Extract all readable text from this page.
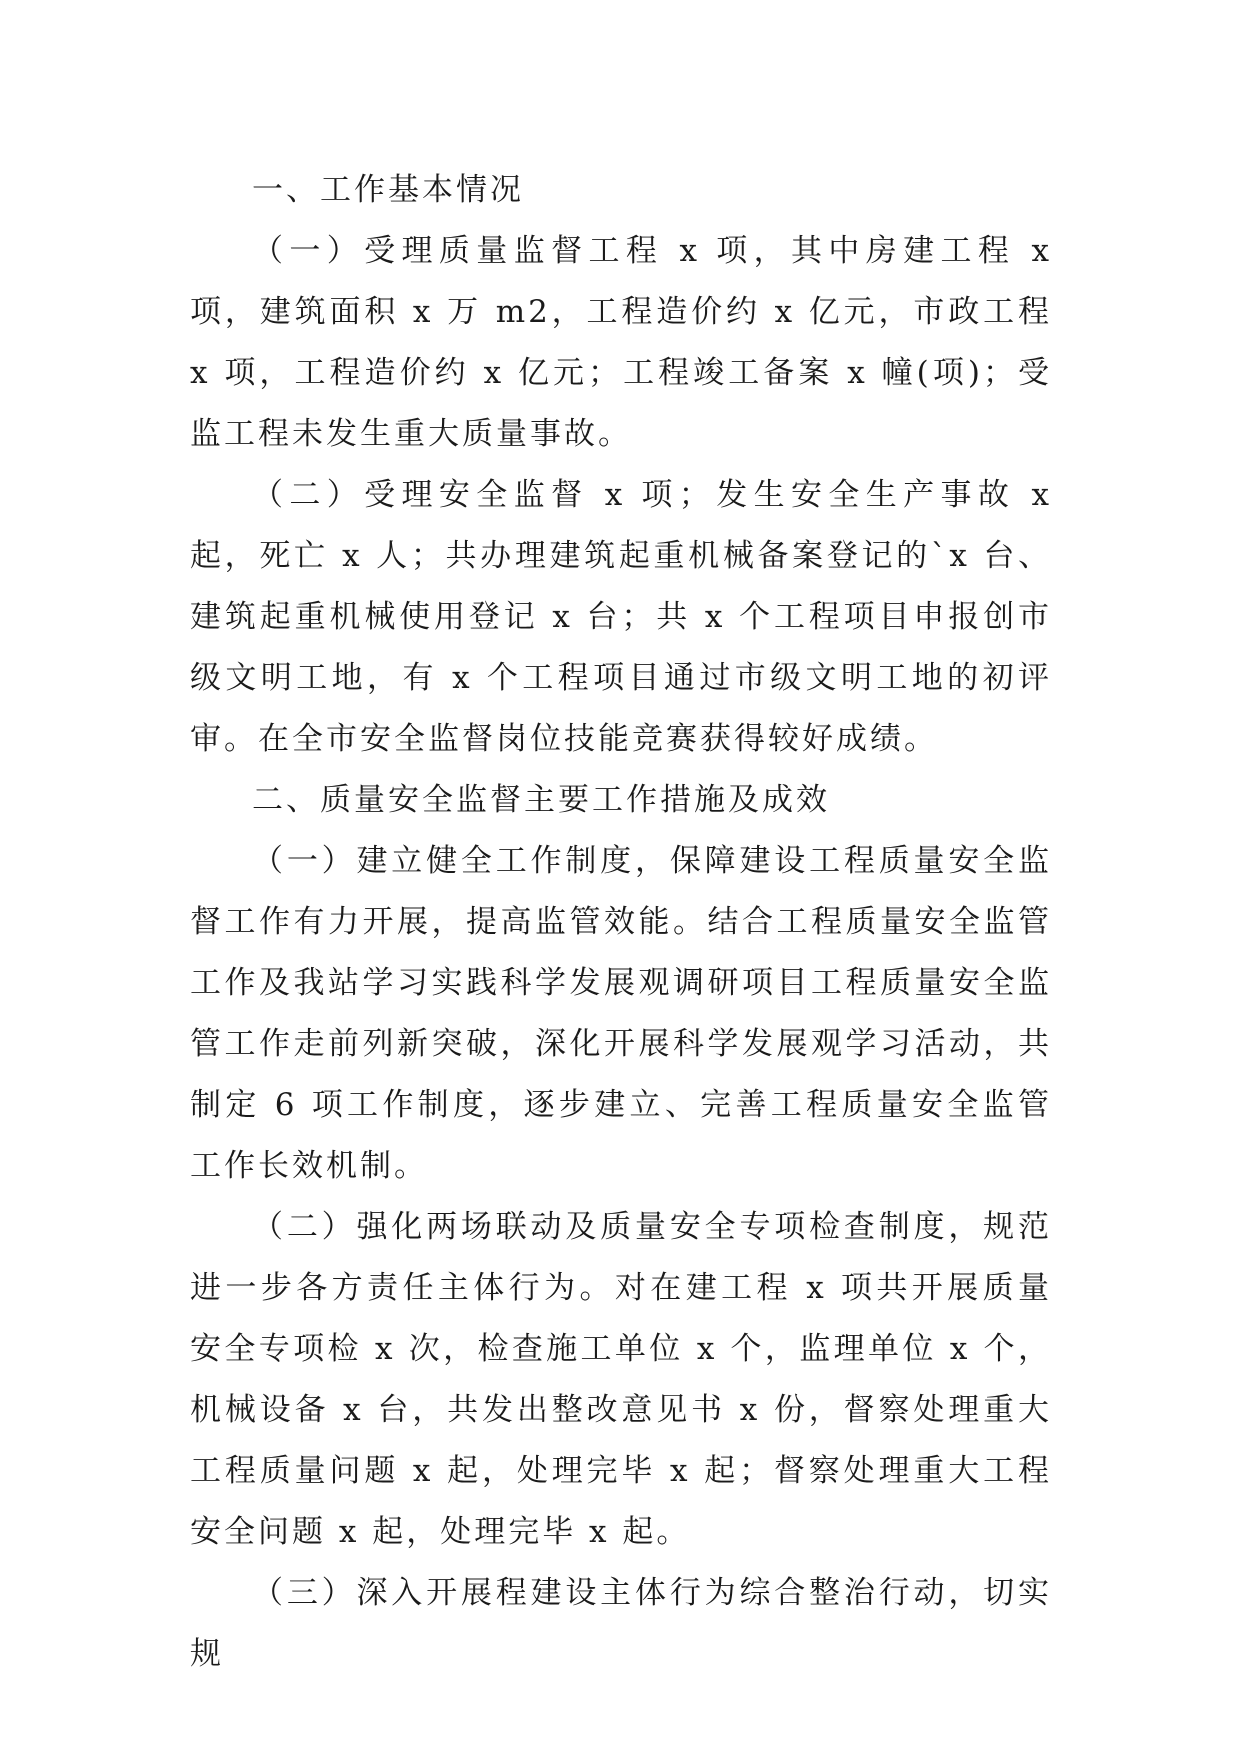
一、工作基本情况

（一）受理质量监督工程 x 项，其中房建工程 x 项，建筑面积 x 万 m2，工程造价约 x 亿元，市政工程 x 项，工程造价约 x 亿元；工程竣工备案 x 幢(项)；受监工程未发生重大质量事故。

（二）受理安全监督 x 项；发生安全生产事故 x 起，死亡 x 人；共办理建筑起重机械备案登记的`x 台、建筑起重机械使用登记 x 台；共 x 个工程项目申报创市级文明工地，有 x 个工程项目通过市级文明工地的初评审。在全市安全监督岗位技能竞赛获得较好成绩。

二、质量安全监督主要工作措施及成效

（一）建立健全工作制度，保障建设工程质量安全监督工作有力开展，提高监管效能。结合工程质量安全监管工作及我站学习实践科学发展观调研项目工程质量安全监管工作走前列新突破，深化开展科学发展观学习活动，共制定 6 项工作制度，逐步建立、完善工程质量安全监管工作长效机制。

（二）强化两场联动及质量安全专项检查制度，规范进一步各方责任主体行为。对在建工程 x 项共开展质量安全专项检 x 次，检查施工单位 x 个，监理单位 x 个，机械设备 x 台，共发出整改意见书 x 份，督察处理重大工程质量问题 x 起，处理完毕 x 起；督察处理重大工程安全问题 x 起，处理完毕 x 起。

（三）深入开展程建设主体行为综合整治行动，切实规
